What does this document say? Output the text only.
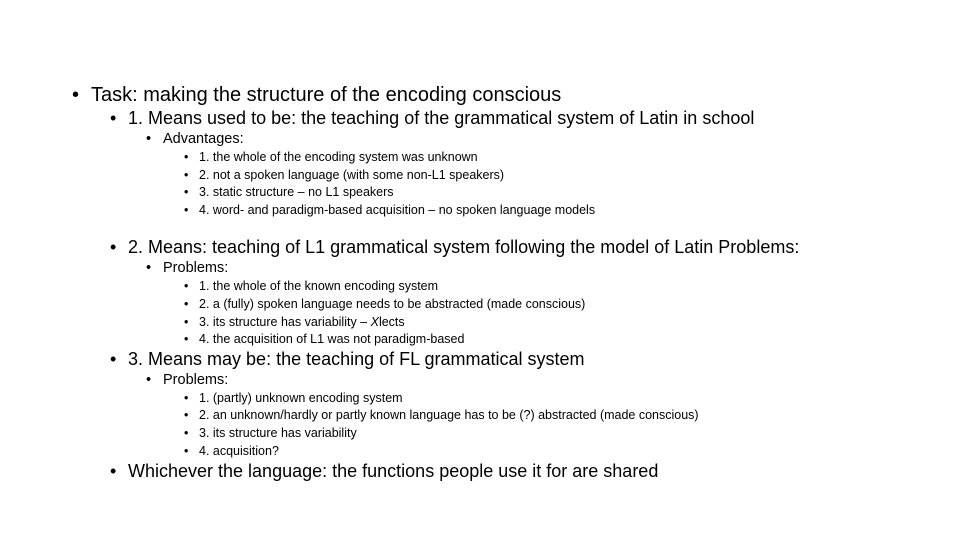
• Task: making the structure of the encoding conscious
• 1. Means used to be: the teaching of the grammatical system of Latin in school
• Advantages:
• 1. the whole of the encoding system was unknown
• 2. not a spoken language (with some non-L1 speakers)
• 3. static structure – no L1 speakers
• 4. word- and paradigm-based acquisition – no spoken language models
• 2. Means: teaching of L1 grammatical system following the model of Latin Problems:
• Problems:
• 1. the whole of the known encoding system
• 2. a (fully) spoken language needs to be abstracted (made conscious)
• 3. its structure has variability – Xlects
• 4. the acquisition of L1 was not paradigm-based
• 3. Means may be: the teaching of FL grammatical system
• Problems:
• 1. (partly) unknown encoding system
• 2. an unknown/hardly or partly known language has to be (?) abstracted (made conscious)
• 3. its structure has variability
• 4. acquisition?
• Whichever the language: the functions people use it for are shared
